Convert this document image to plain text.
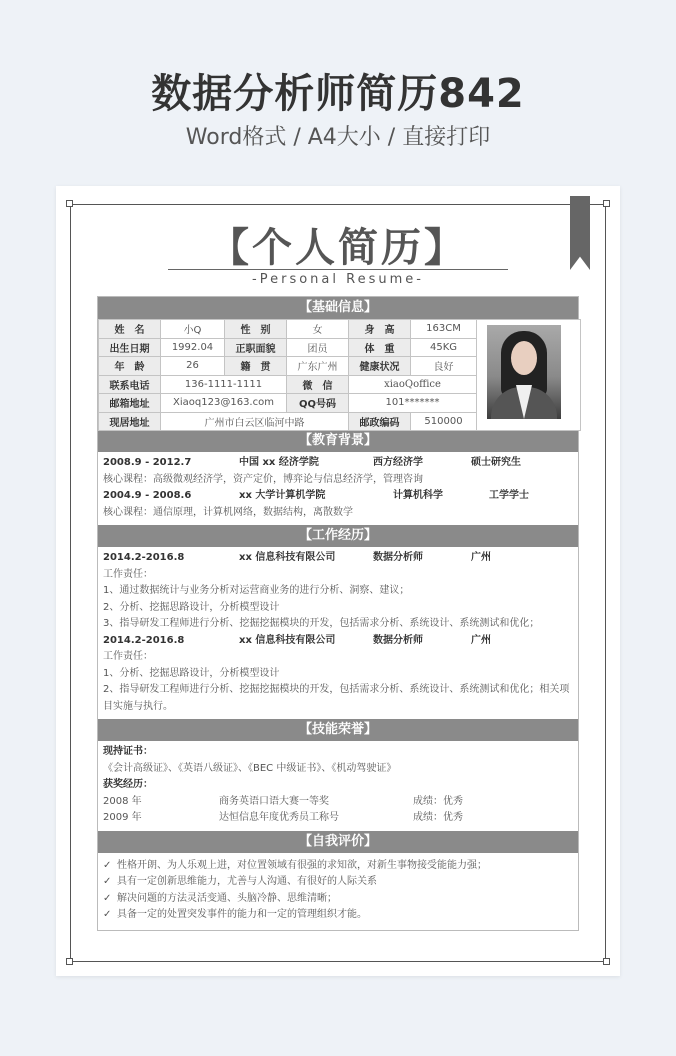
数据分析师简历842
Word格式 / A4大小 / 直接打印
【个人简历】
-Personal Resume-
【基础信息】
姓　名	小Q	性　别	女	身　高	163CM	
出生日期	1992.04	正职面貌	团员	体　重	45KG	
年　龄	26	籍　贯	广东广州	健康状况	良好	
联系电话	136-1111-1111		微　信	xiaoQoffice		
邮箱地址	Xiaoq123@163.com		QQ号码	101*******		
现居地址	广州市白云区临河中路			邮政编码	510000	
【教育背景】
2008.9 - 2012.7	中国 xx 经济学院	西方经济学	硕士研究生
核心课程：高级微观经济学，资产定价，博弈论与信息经济学，管理咨询
2004.9 - 2008.6	xx 大学计算机学院	计算机科学	工学学士
核心课程：通信原理，计算机网络，数据结构，离散数学
【工作经历】
2014.2-2016.8	xx 信息科技有限公司	数据分析师	广州
工作责任：
1、通过数据统计与业务分析对运营商业务的进行分析、洞察、建议；
2、分析、挖掘思路设计，分析模型设计
3、指导研发工程师进行分析、挖掘挖掘模块的开发，包括需求分析、系统设计、系统测试和优化；
2014.2-2016.8	xx 信息科技有限公司	数据分析师	广州
工作责任：
1、分析、挖掘思路设计，分析模型设计
2、指导研发工程师进行分析、挖掘挖掘模块的开发，包括需求分析、系统设计、系统测试和优化；相关项目实施与执行。
【技能荣誉】
现持证书：
《会计高级证》、《英语八级证》、《BEC 中级证书》、《机动驾驶证》
获奖经历：
2008 年	商务英语口语大赛一等奖	成绩：优秀
2009 年	达恒信息年度优秀员工称号	成绩：优秀
【自我评价】
✓ 性格开朗、为人乐观上进，对位置领域有很强的求知欲，对新生事物接受能能力强；
✓ 具有一定创新思维能力，尤善与人沟通、有很好的人际关系
✓ 解决问题的方法灵活变通、头脑冷静、思维清晰；
✓ 具备一定的处置突发事件的能力和一定的管理组织才能。
